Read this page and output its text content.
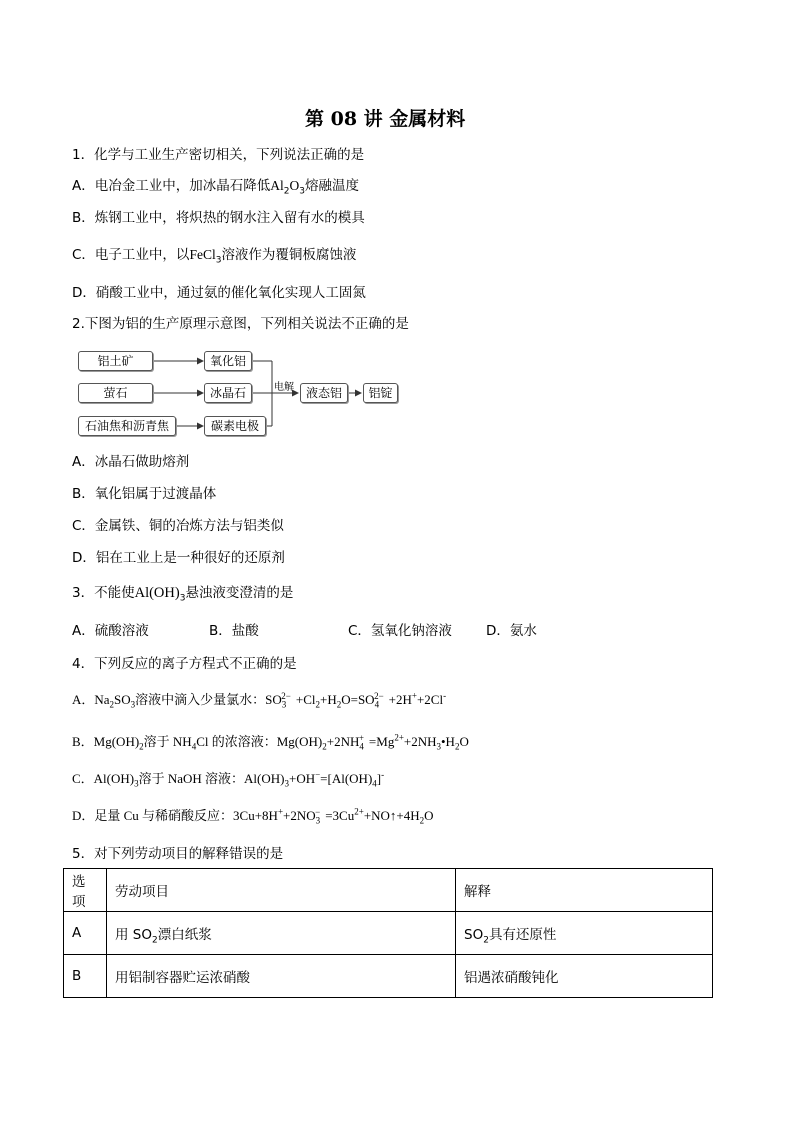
第 08 讲 金属材料
1．化学与工业生产密切相关，下列说法正确的是
A．电冶金工业中，加冰晶石降低$Al_2O_3$熔融温度
B．炼钢工业中，将炽热的钢水注入留有水的模具
C．电子工业中，以FeCl$_3$溶液作为覆铜板腐蚀液
D．硝酸工业中，通过氨的催化氧化实现人工固氮
2.下图为铝的生产原理示意图，下列相关说法不正确的是
铝土矿
萤石
石油焦和沥青焦
氧化铝
冰晶石
碳素电极
电解 液态铝	铝锭
A．冰晶石做助熔剂
B．氧化铝属于过渡晶体
C．金属铁、铜的冶炼方法与铝类似
D．铝在工业上是一种很好的还原剂
3．不能使$Al(OH)_3$悬浊液变澄清的是
A．硫酸溶液	B．盐酸	C．氢氧化钠溶液	D．氨水
4．下列反应的离子方程式不正确的是
A．$Na_2SO_3$溶液中滴入少量氯水：$SO_3^{2-} +Cl_2+H_2O=SO_4^{2-} +2H^++2Cl^-$
B．$Mg(OH)_2$溶于 $NH_4Cl$ 的浓溶液：$Mg(OH)_2+2NH_4^+$ $=Mg^{2+}+2NH_3•H_2O$
C．$Al(OH)_3$溶于 NaOH 溶液：$Al(OH)_3+OH^-=[Al(OH)_4]^-$
D．足量 Cu 与稀硝酸反应：$3Cu+8H^++2NO_3^-$ $=3Cu^{2+}+NO↑+4H_2O$
5．对下列劳动项目的解释错误的是
选项	劳动项目	解释
A	用 $SO_2$漂白纸浆	$SO_2$具有还原性
B	用铝制容器贮运浓硝酸	铝遇浓硝酸钝化
